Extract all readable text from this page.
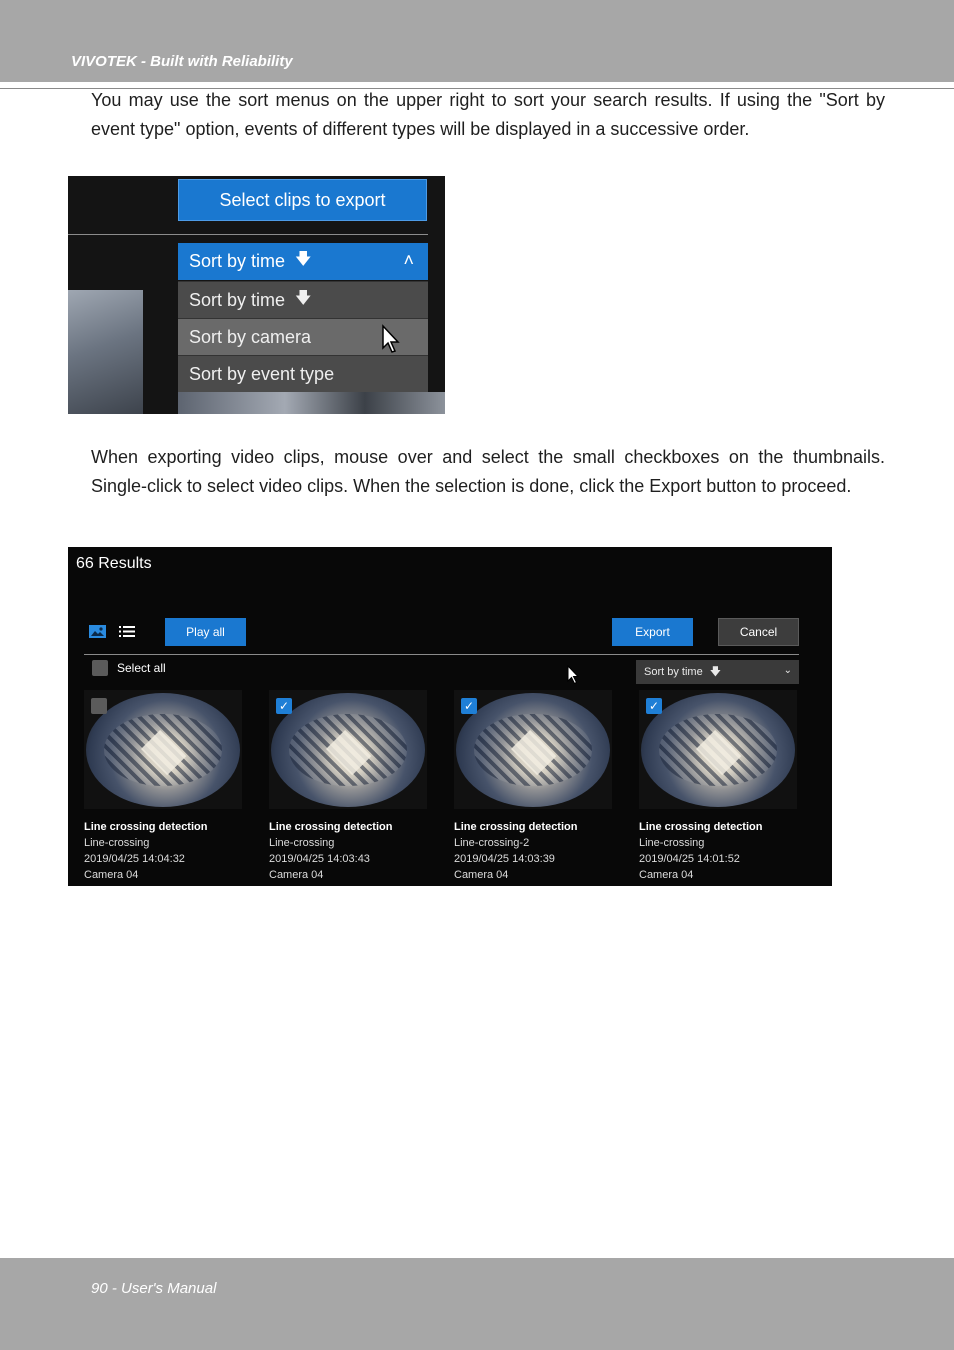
VIVOTEK - Built with Reliability

You may use the sort menus on the upper right to sort your search results. If using the "Sort by event type" option, events of different types will be displayed in a successive order.

Select clips to export
Sort by time 🡇	˄
Sort by time 🡇
Sort by camera
Sort by event type

When exporting video clips, mouse over and select the small checkboxes on the thumbnails. Single-click to select video clips. When the selection is done, click the Export button to proceed.

66 Results
Play all	Export	Cancel
Select all	Sort by time 🡇	⌄
Line crossing detection
Line-crossing
2019/04/25 14:04:32
Camera 04
✓
Line crossing detection
Line-crossing
2019/04/25 14:03:43
Camera 04
✓
Line crossing detection
Line-crossing-2
2019/04/25 14:03:39
Camera 04
✓
Line crossing detection
Line-crossing
2019/04/25 14:01:52
Camera 04
90 - User's Manual
